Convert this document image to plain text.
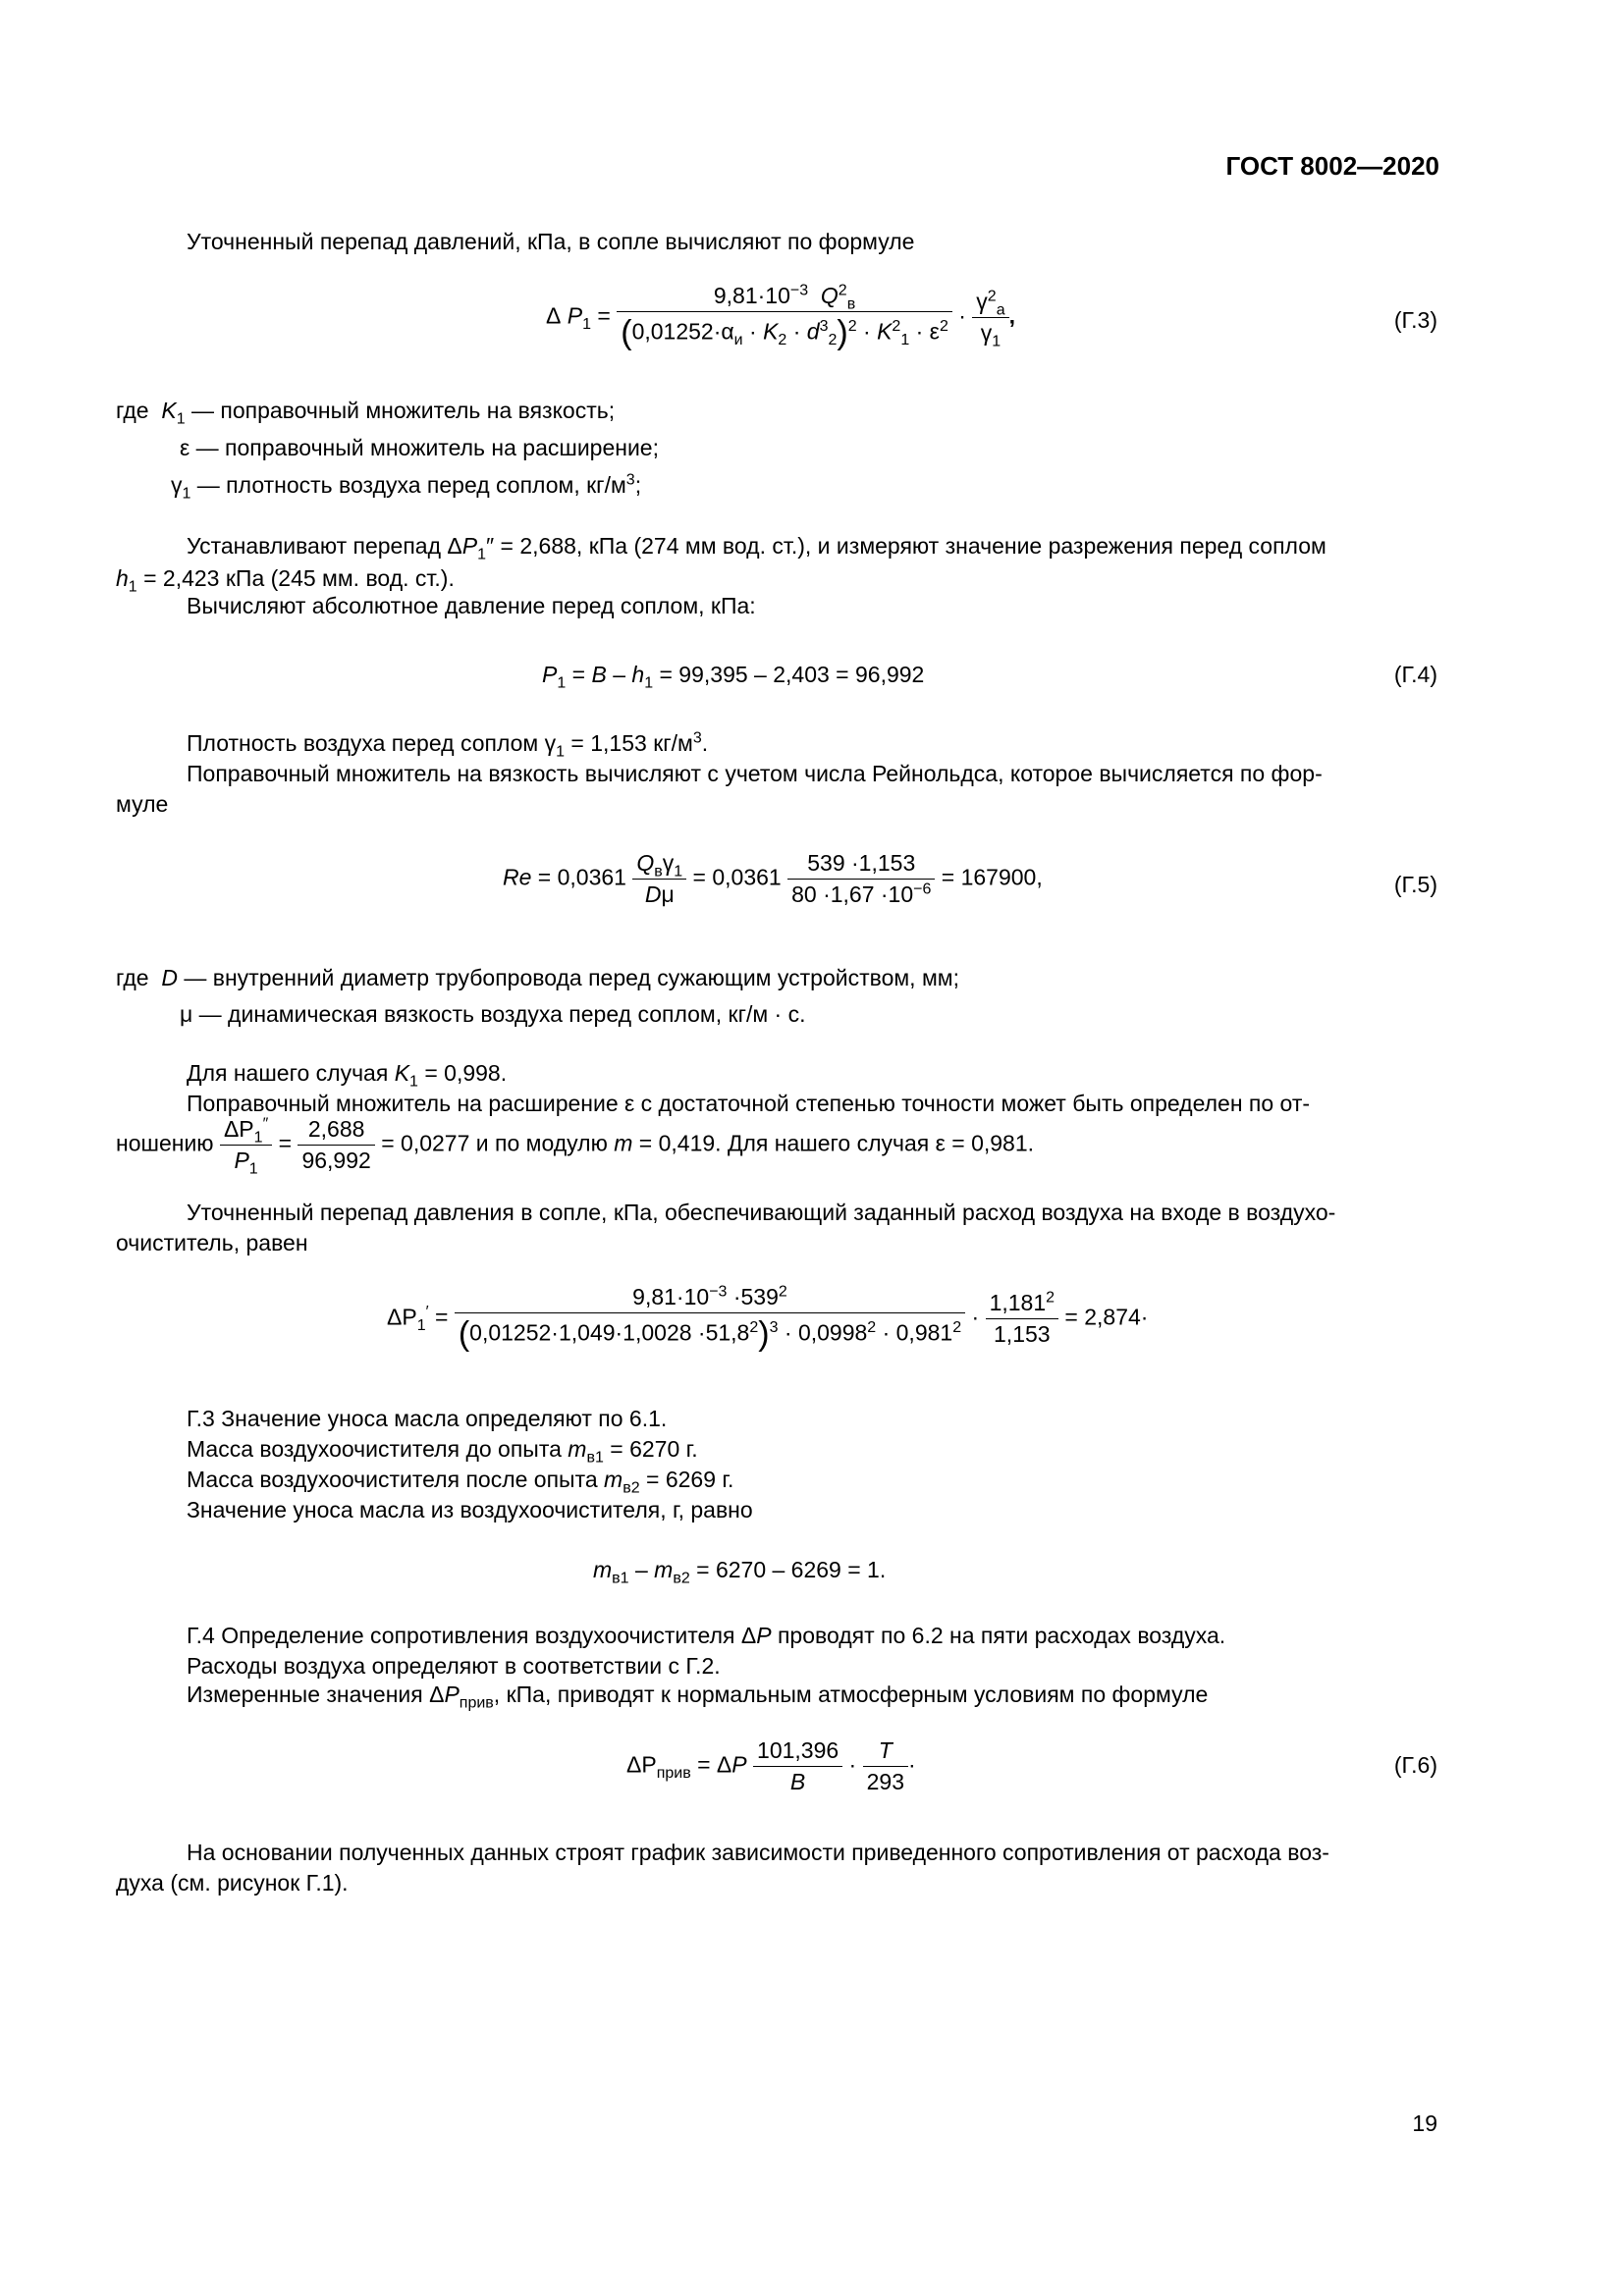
ГОСТ 8002—2020
Уточненный перепад давлений, кПа, в сопле вычисляют по формуле
Δ $P_1 = \frac{9,81\cdot 10^{-3} Q^2_в}{(0,01252\cdot\alpha_и \cdot K_2 \cdot d^3_2)^2 \cdot K^2_1 \cdot \varepsilon^2} \cdot \frac{\gamma^2_а}{\gamma_1}$ ,	(Г.3)
где $K_1$ — поправочный множитель на вязкость;
ε — поправочный множитель на расширение;
$\gamma_1$ — плотность воздуха перед соплом, $кг/м^3$;
Устанавливают перепад $\Delta P_1'' = 2,688$, кПа (274 мм вод. ст.), и измеряют значение разрежения перед соплом
$h_1 = 2,423$ кПа (245 мм. вод. ст.).
Вычисляют абсолютное давление перед соплом, кПа:
$P_1 = B - h_1 = 99,395 - 2,403 = 96,992$	(Г.4)
Плотность воздуха перед соплом $\gamma_1 = 1,153$ $кг/м^3$.
Поправочный множитель на вязкость вычисляют с учетом числа Рейнольдса, которое вычисляется по фор-
муле
$Re = 0,0361 \frac{Q_в\gamma_1}{D\mu} = 0,0361 \frac{539 \cdot 1,153}{80 \cdot 1,67 \cdot 10^{-6}} = 167900$,	(Г.5)
где D — внутренний диаметр трубопровода перед сужающим устройством, мм;
μ — динамическая вязкость воздуха перед соплом, кг/м · с.
Для нашего случая $K_1 = 0,998$.
Поправочный множитель на расширение ε с достаточной степенью точности может быть определен по от-
ношению $\frac{\Delta P_1''}{P_1} = \frac{2,688}{96,992} = 0,0277$ и по модулю m = 0,419. Для нашего случая ε = 0,981.
Уточненный перепад давления в сопле, кПа, обеспечивающий заданный расход воздуха на входе в воздухо-
очиститель, равен
$\Delta P_1' = \frac{9,81\cdot 10^{-3} \cdot 539^2}{(0,01252\cdot 1,049\cdot 1,0028 \cdot 51,8^2)^3 \cdot 0,0998^2 \cdot 0,981^2} \cdot \frac{1,181^2}{1,153} = 2,874\cdot$
Г.3 Значение уноса масла определяют по 6.1.
Масса воздухоочистителя до опыта $m_{в1} = 6270$ г.
Масса воздухоочистителя после опыта $m_{в2} = 6269$ г.
Значение уноса масла из воздухоочистителя, г, равно
$m_{в1} - m_{в2} = 6270 - 6269 = 1$.
Г.4 Определение сопротивления воздухоочистителя ΔP проводят по 6.2 на пяти расходах воздуха.
Расходы воздуха определяют в соответствии с Г.2.
Измеренные значения $\Delta P_{прив}$, кПа, приводят к нормальным атмосферным условиям по формуле
$\Delta P_{прив} = \Delta P \frac{101,396}{B} \cdot \frac{T}{293}$ ·	(Г.6)
На основании полученных данных строят график зависимости приведенного сопротивления от расхода воз-
духа (см. рисунок Г.1).
19
